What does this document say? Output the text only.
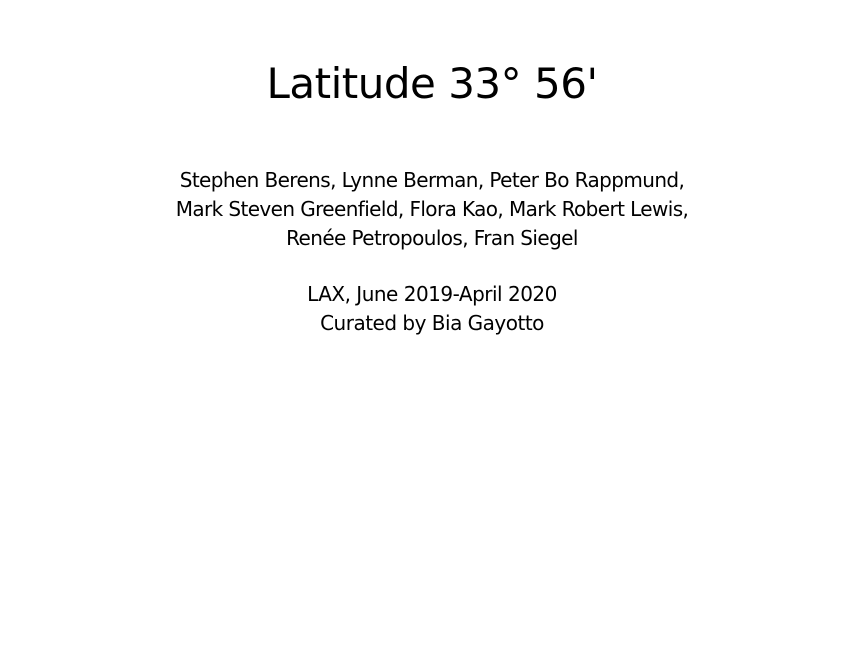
Latitude 33° 56'
Stephen Berens, Lynne Berman, Peter Bo Rappmund,
Mark Steven Greenfield, Flora Kao, Mark Robert Lewis,
Renée Petropoulos, Fran Siegel
LAX, June 2019-April 2020
Curated by Bia Gayotto
